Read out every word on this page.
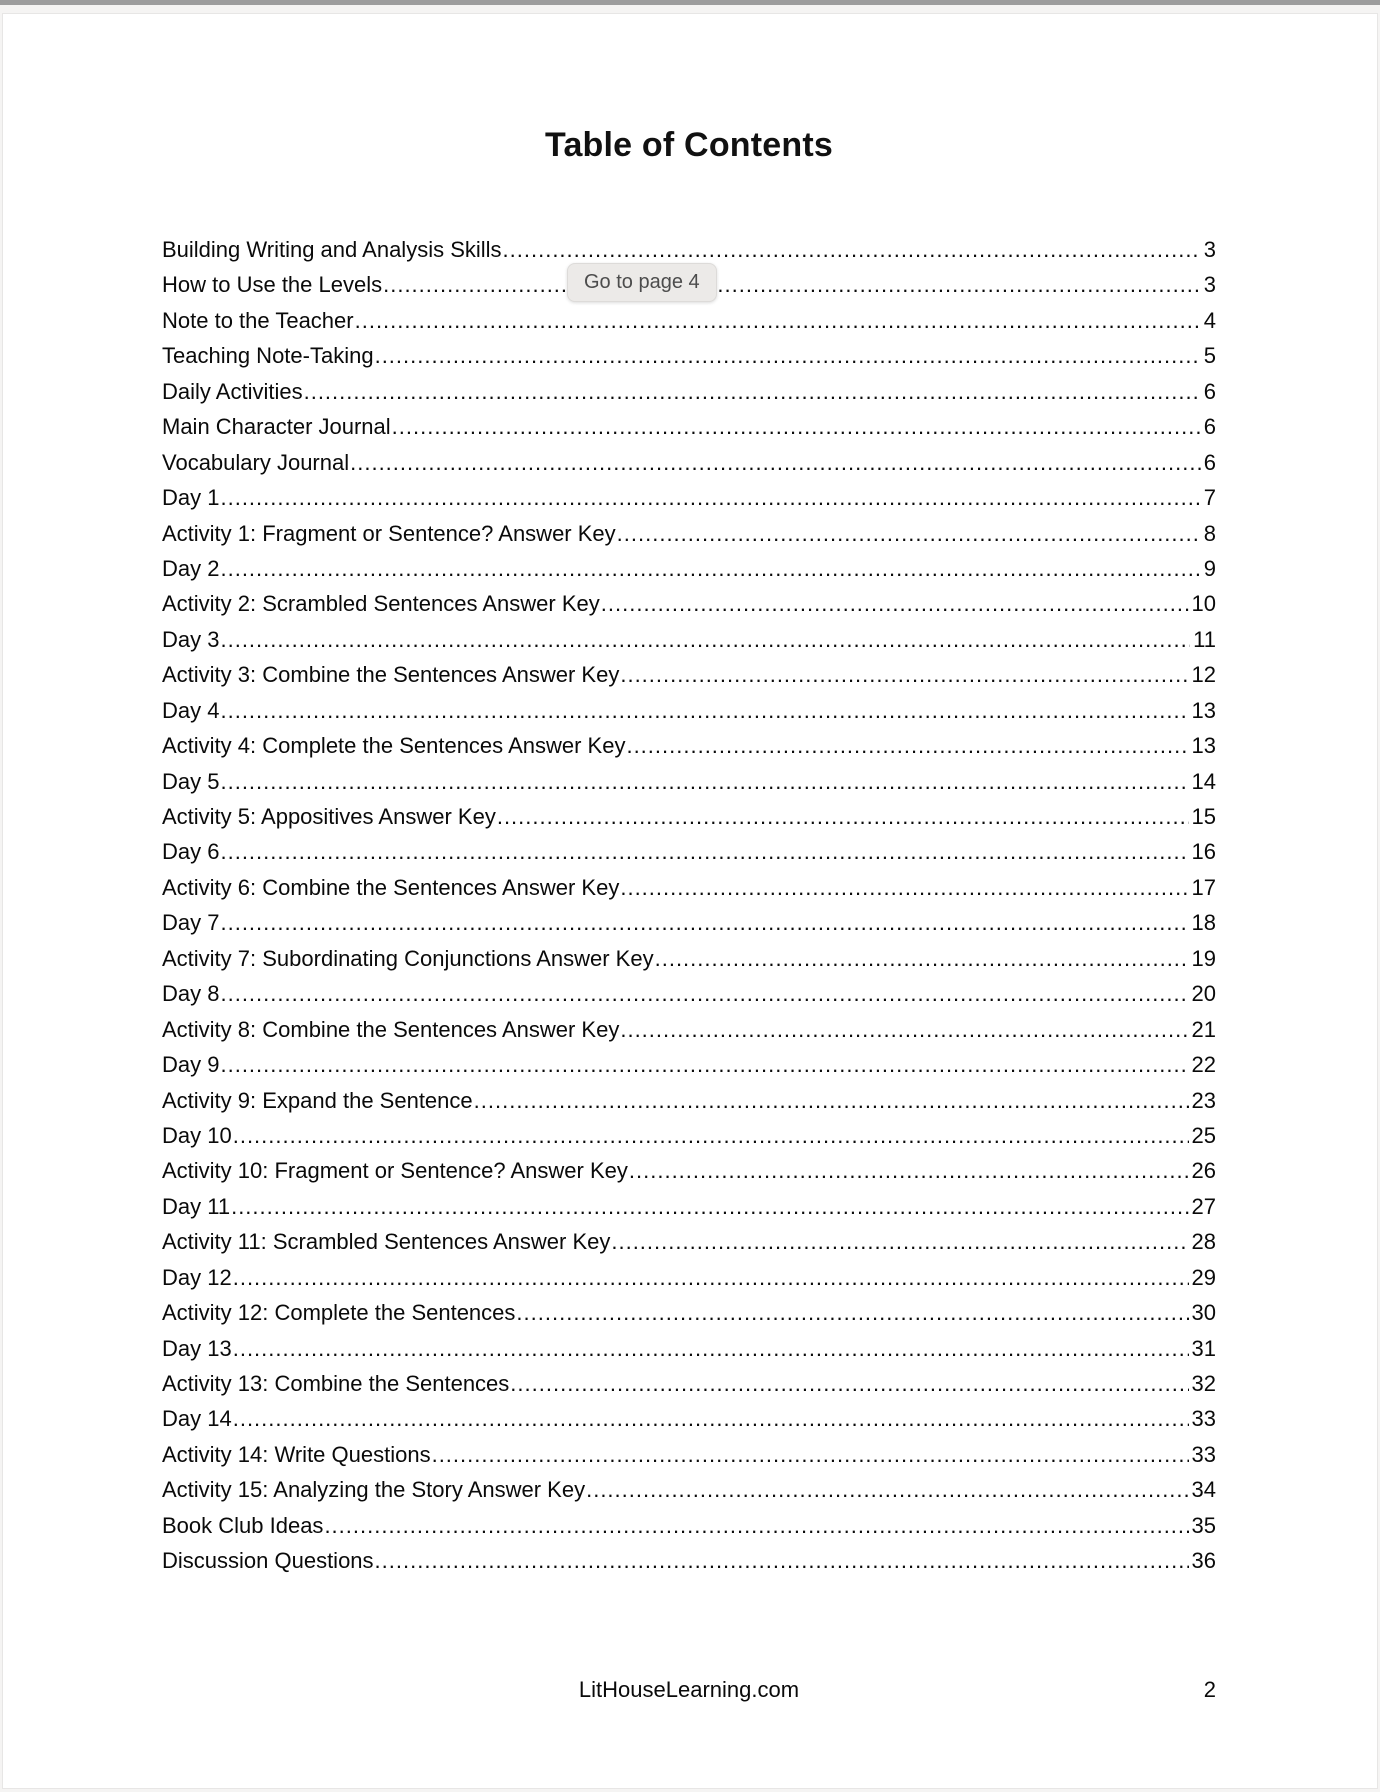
Table of Contents
Building Writing and Analysis Skills .....	3
How to Use the Levels .....	3
Note to the Teacher .....	4
Teaching Note-Taking .....	5
Daily Activities .....	6
Main Character Journal .....	6
Vocabulary Journal .....	6
Day 1 .....	7
Activity 1: Fragment or Sentence? Answer Key .....	8
Day 2 .....	9
Activity 2: Scrambled Sentences Answer Key .....	10
Day 3 .....	11
Activity 3: Combine the Sentences Answer Key .....	12
Day 4 .....	13
Activity 4: Complete the Sentences Answer Key .....	13
Day 5 .....	14
Activity 5: Appositives Answer Key .....	15
Day 6 .....	16
Activity 6: Combine the Sentences Answer Key .....	17
Day 7 .....	18
Activity 7: Subordinating Conjunctions Answer Key .....	19
Day 8 .....	20
Activity 8: Combine the Sentences Answer Key .....	21
Day 9 .....	22
Activity 9: Expand the Sentence .....	23
Day 10 .....	25
Activity 10: Fragment or Sentence? Answer Key .....	26
Day 11 .....	27
Activity 11: Scrambled Sentences Answer Key .....	28
Day 12 .....	29
Activity 12: Complete the Sentences .....	30
Day 13 .....	31
Activity 13: Combine the Sentences .....	32
Day 14 .....	33
Activity 14: Write Questions .....	33
Activity 15: Analyzing the Story Answer Key .....	34
Book Club Ideas .....	35
Discussion Questions .....	36
Go to page 4
LitHouseLearning.com	2
